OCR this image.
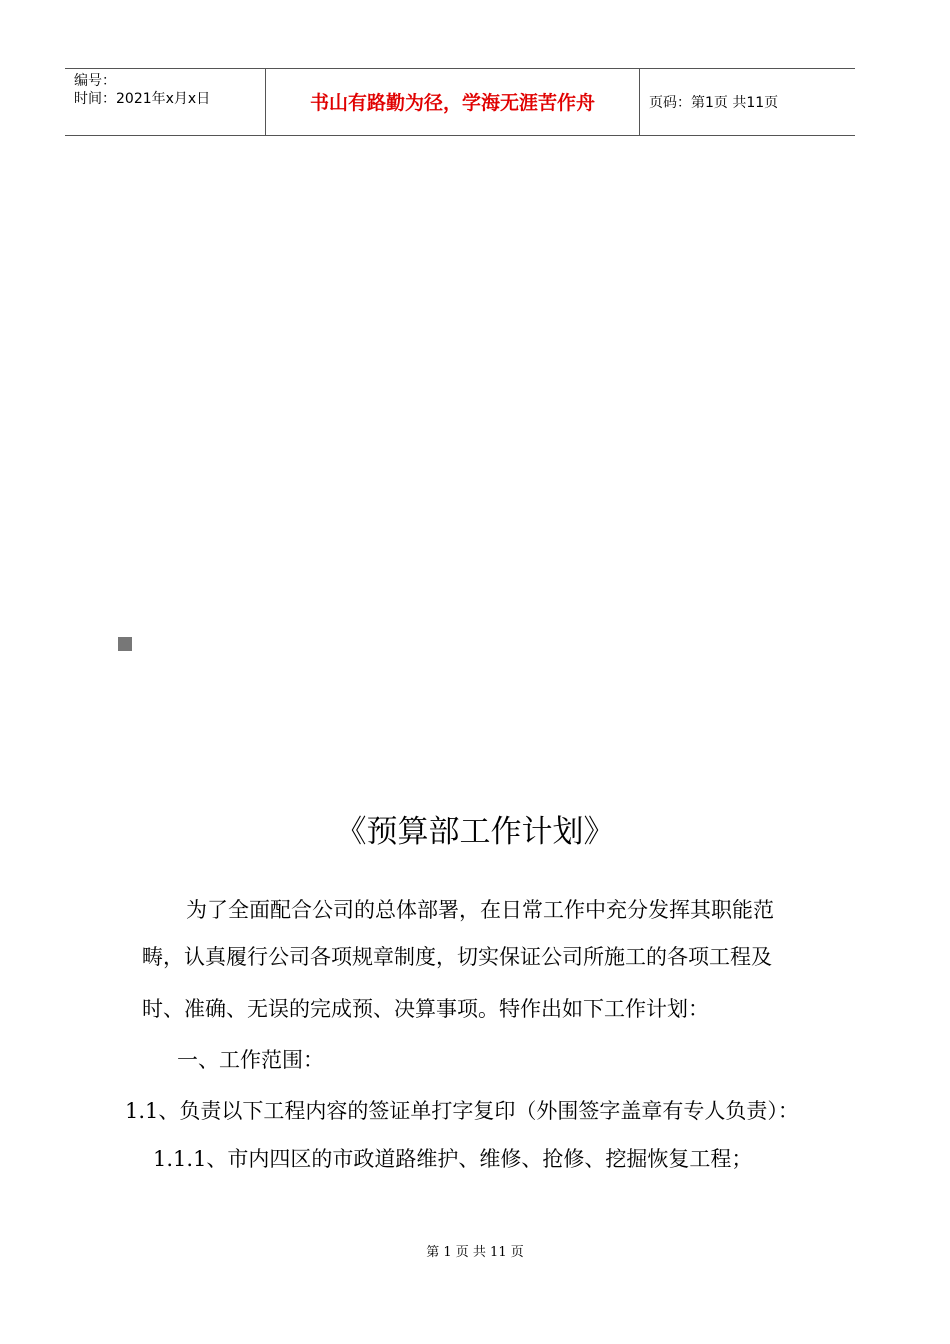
编号：
时间：2021年x月x日	书山有路勤为径，学海无涯苦作舟	页码：第1页 共11页
《预算部工作计划》
为了全面配合公司的总体部署，在日常工作中充分发挥其职能范
畴，认真履行公司各项规章制度，切实保证公司所施工的各项工程及
时、准确、无误的完成预、决算事项。特作出如下工作计划：
一、工作范围：
1.1、负责以下工程内容的签证单打字复印（外围签字盖章有专人负责）：
1.1.1、市内四区的市政道路维护、维修、抢修、挖掘恢复工程；
第 1 页 共 11 页
